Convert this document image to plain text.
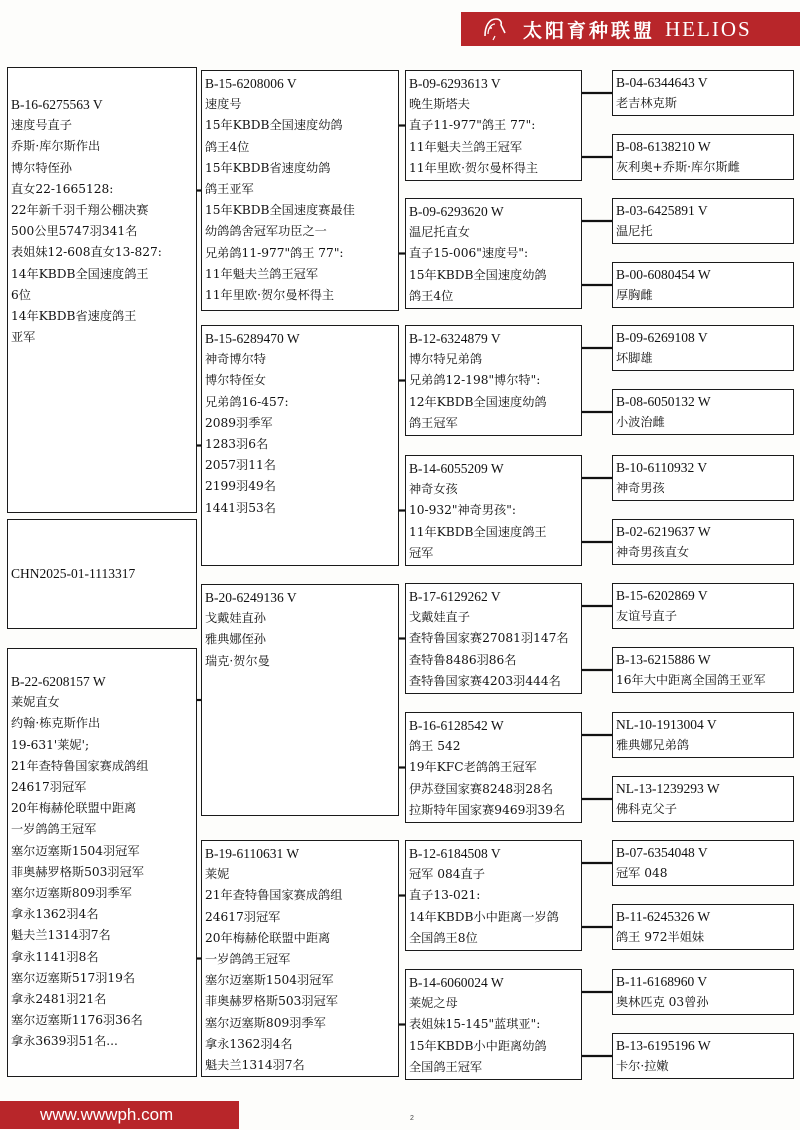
太阳育种联盟 HELIOS
B-16-6275563 V
速度号直子
乔斯·库尔斯作出
博尔特侄孙
直女22-1665128:
22年新千羽千翔公棚决赛
500公里5747羽341名
表姐妹12-608直女13-827:
14年KBDB全国速度鸽王
6位
14年KBDB省速度鸽王
亚军
CHN2025-01-1113317
B-22-6208157 W
莱妮直女
约翰·栋克斯作出
19-631'莱妮';
21年查特鲁国家赛成鸽组
24617羽冠军
20年梅赫伦联盟中距离
一岁鸽鸽王冠军
塞尔迈塞斯1504羽冠军
菲奥赫罗格斯503羽冠军
塞尔迈塞斯809羽季军
拿永1362羽4名
魁夫兰1314羽7名
拿永1141羽8名
塞尔迈塞斯517羽19名
拿永2481羽21名
塞尔迈塞斯1176羽36名
拿永3639羽51名...
B-15-6208006 V
速度号
15年KBDB全国速度幼鸽
鸽王4位
15年KBDB省速度幼鸽
鸽王亚军
15年KBDB全国速度赛最佳
幼鸽鸽舍冠军功臣之一
兄弟鸽11-977"鸽王 77":
11年魁夫兰鸽王冠军
11年里欧·贺尔曼杯得主
B-15-6289470 W
神奇博尔特
博尔特侄女
兄弟鸽16-457:
2089羽季军
1283羽6名
2057羽11名
2199羽49名
1441羽53名
B-20-6249136 V
戈戴娃直孙
雅典娜侄孙
瑞克·贺尔曼
B-19-6110631 W
莱妮
21年查特鲁国家赛成鸽组
24617羽冠军
20年梅赫伦联盟中距离
一岁鸽鸽王冠军
塞尔迈塞斯1504羽冠军
菲奥赫罗格斯503羽冠军
塞尔迈塞斯809羽季军
拿永1362羽4名
魁夫兰1314羽7名
B-09-6293613 V
晚生斯塔夫
直子11-977"鸽王 77":
11年魁夫兰鸽王冠军
11年里欧·贺尔曼杯得主
B-09-6293620 W
温尼托直女
直子15-006"速度号":
15年KBDB全国速度幼鸽
鸽王4位
B-12-6324879 V
博尔特兄弟鸽
兄弟鸽12-198"博尔特":
12年KBDB全国速度幼鸽
鸽王冠军
B-14-6055209 W
神奇女孩
10-932"神奇男孩":
11年KBDB全国速度鸽王
冠军
B-17-6129262 V
戈戴娃直子
查特鲁国家赛27081羽147名
查特鲁8486羽86名
查特鲁国家赛4203羽444名
B-16-6128542 W
鸽王 542
19年KFC老鸽鸽王冠军
伊苏登国家赛8248羽28名
拉斯特年国家赛9469羽39名
B-12-6184508 V
冠军 084直子
直子13-021:
14年KBDB小中距离一岁鸽
全国鸽王8位
B-14-6060024 W
莱妮之母
表姐妹15-145"蓝琪亚":
15年KBDB小中距离幼鸽
全国鸽王冠军
B-04-6344643 V
老吉林克斯
B-08-6138210 W
灰利奥+乔斯·库尔斯雌
B-03-6425891 V
温尼托
B-00-6080454 W
厚胸雌
B-09-6269108 V
坏脚雄
B-08-6050132 W
小波治雌
B-10-6110932 V
神奇男孩
B-02-6219637 W
神奇男孩直女
B-15-6202869 V
友谊号直子
B-13-6215886 W
16年大中距离全国鸽王亚军
NL-10-1913004 V
雅典娜兄弟鸽
NL-13-1239293 W
佛科克父子
B-07-6354048 V
冠军 048
B-11-6245326 W
鸽王 972半姐妹
B-11-6168960 V
奥林匹克 03曾孙
B-13-6195196 W
卡尔·拉嫩
www.wwwph.com	2
